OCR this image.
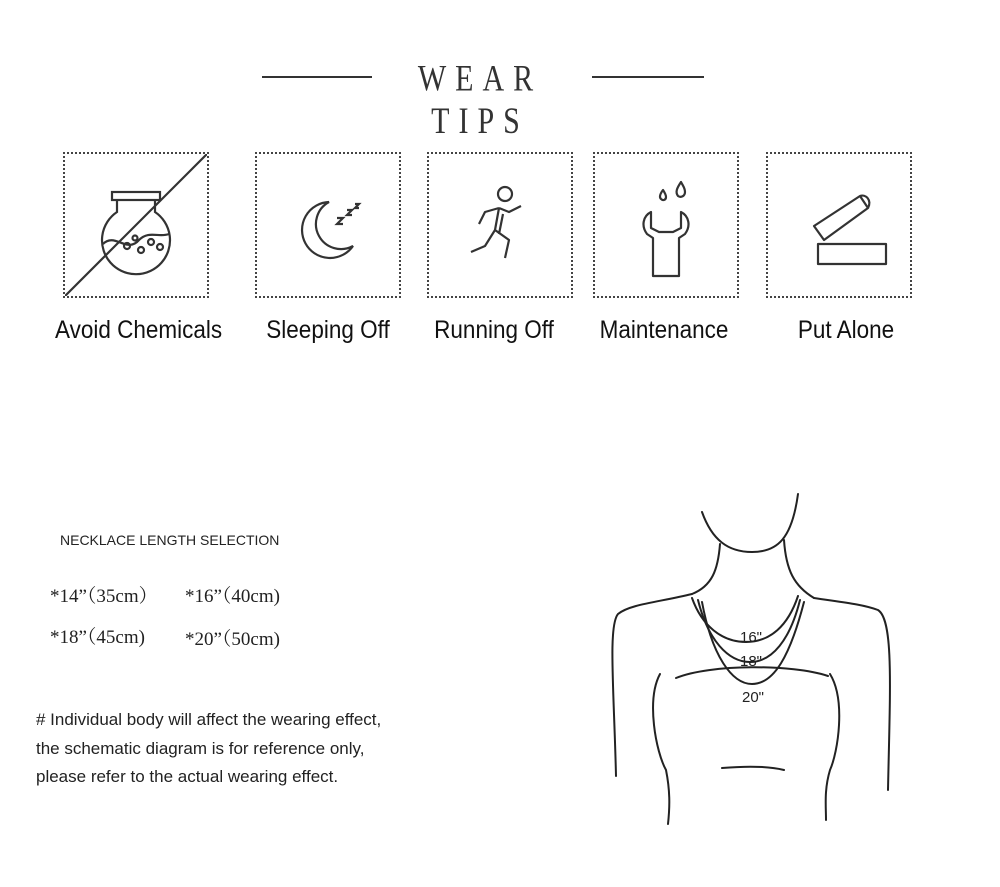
WEAR TIPS
Avoid Chemicals	Sleeping Off	Running Off	Maintenance	Put Alone
NECKLACE LENGTH SELECTION
*14”（35cm） *16”（40cm)
*18”（45cm) *20”（50cm)
# Individual body will affect the wearing effect,
the schematic diagram is for reference only,
please refer to the actual wearing effect.
16"
18"
20"
